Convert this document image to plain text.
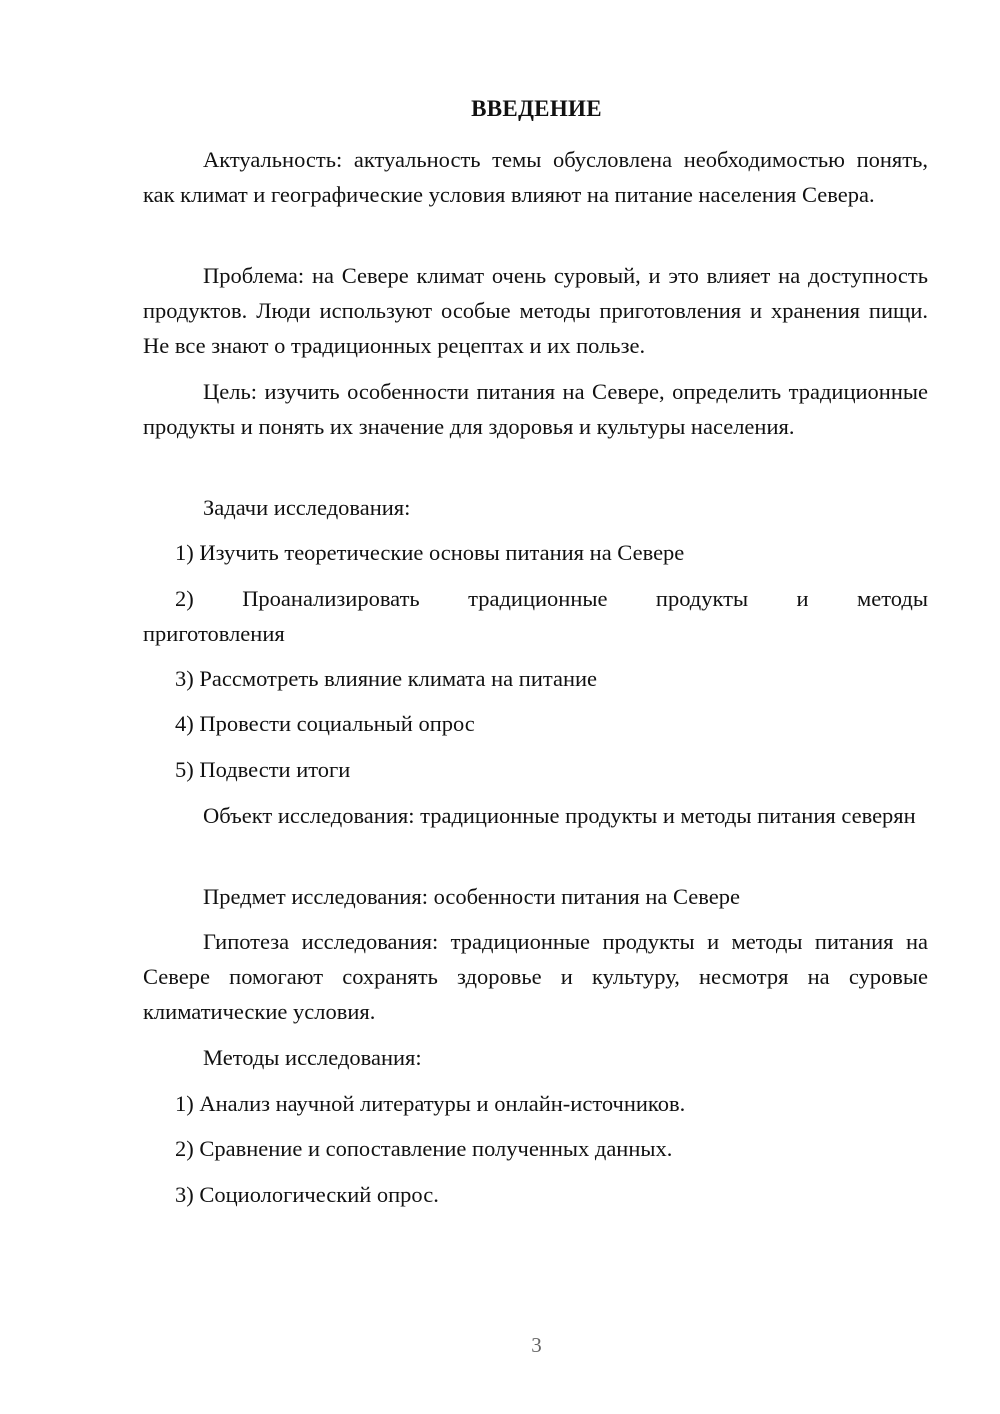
ВВЕДЕНИЕ

Актуальность: актуальность темы обусловлена необходимостью понять, как климат и географические условия влияют на питание населения Севера.

Проблема: на Севере климат очень суровый, и это влияет на доступность продуктов. Люди используют особые методы приготовления и хранения пищи. Не все знают о традиционных рецептах и их пользе.

Цель: изучить особенности питания на Севере, определить традиционные продукты и понять их значение для здоровья и культуры населения.

Задачи исследования:

1) Изучить теоретические основы питания на Севере

2) Проанализировать традиционные продукты и методы
приготовления

3) Рассмотреть влияние климата на питание

4) Провести социальный опрос

5) Подвести итоги

Объект исследования: традиционные продукты и методы питания северян

Предмет исследования: особенности питания на Севере

Гипотеза исследования: традиционные продукты и методы питания на Севере помогают сохранять здоровье и культуру, несмотря на суровые климатические условия.

Методы исследования:

1) Анализ научной литературы и онлайн-источников.

2) Сравнение и сопоставление полученных данных.

3) Социологический опрос.

3
